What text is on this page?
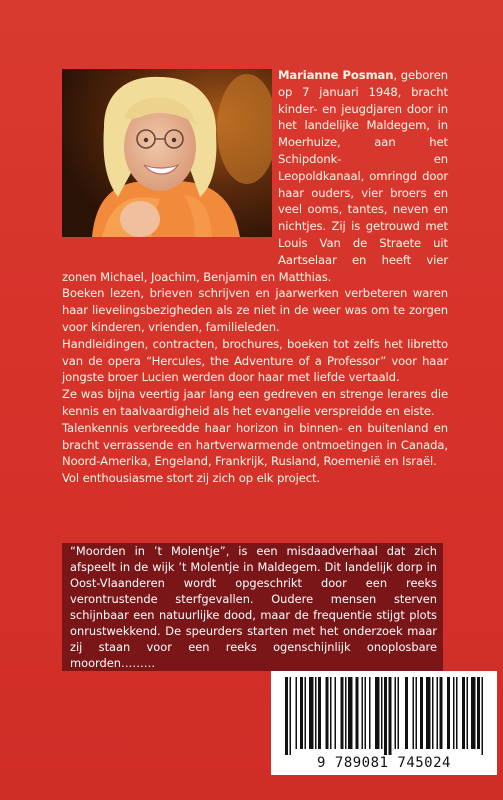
Marianne Posman, geboren op 7 januari 1948, bracht kinder- en jeugdjaren door in het landelijke Maldegem, in Moerhuize, aan het Schipdonk- en Leopoldkanaal, omringd door haar ouders, vier broers en veel ooms, tantes, neven en nichtjes. Zij is getrouwd met Louis Van de Straete uit Aartselaar en heeft vier zonen Michael, Joachim, Benjamin en Matthias.

Boeken lezen, brieven schrijven en jaarwerken verbeteren waren haar lievelingsbezigheden als ze niet in de weer was om te zorgen voor kinderen, vrienden, familieleden.

Handleidingen, contracten, brochures, boeken tot zelfs het libretto van de opera “Hercules, the Adventure of a Professor” voor haar jongste broer Lucien werden door haar met liefde vertaald.

Ze was bijna veertig jaar lang een gedreven en strenge lerares die kennis en taalvaardigheid als het evangelie verspreidde en eiste.

Talenkennis verbreedde haar horizon in binnen- en buitenland en bracht verrassende en hartverwarmende ontmoetingen in Canada, Noord-Amerika, Engeland, Frankrijk, Rusland, Roemenië en Israël.

Vol enthousiasme stort zij zich op elk project.

“Moorden in ’t Molentje”, is een misdaadverhaal dat zich afspeelt in de wijk ’t Molentje in Maldegem. Dit landelijk dorp in Oost-Vlaanderen wordt opgeschrikt door een reeks verontrustende sterfgevallen. Oudere mensen sterven schijnbaar een natuurlijke dood, maar de frequentie stijgt plots onrustwekkend. De speurders starten met het onderzoek maar zij staan voor een reeks ogenschijnlijk onoplosbare moorden………

9 789081 745024
